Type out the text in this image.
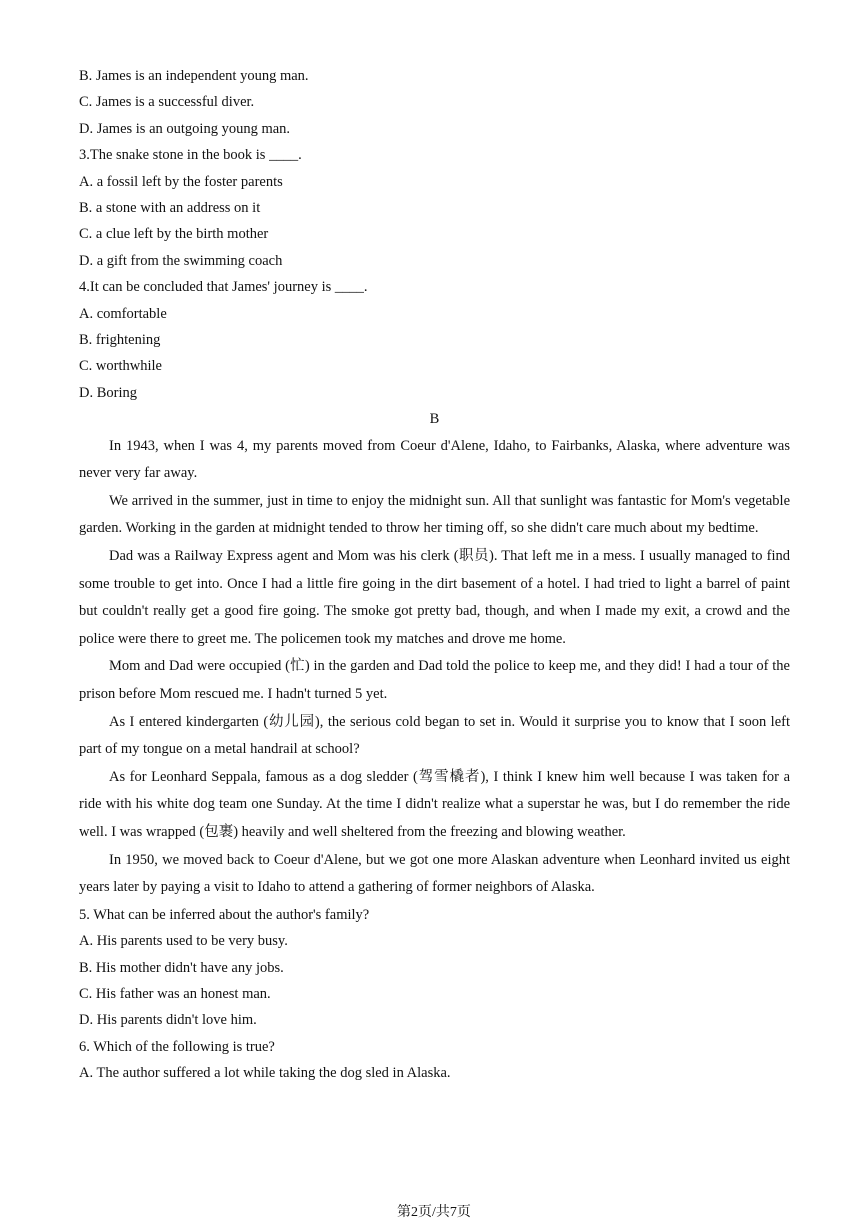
B. James is an independent young man.

C. James is a successful diver.

D. James is an outgoing young man.

3.The snake stone in the book is ____.

A. a fossil left by the foster parents

B. a stone with an address on it

C. a clue left by the birth mother

D. a gift from the swimming coach

4.It can be concluded that James' journey is ____.

A. comfortable

B. frightening

C. worthwhile

D. Boring

B

In 1943, when I was 4, my parents moved from Coeur d'Alene, Idaho, to Fairbanks, Alaska, where adventure was never very far away.

We arrived in the summer, just in time to enjoy the midnight sun. All that sunlight was fantastic for Mom's vegetable garden. Working in the garden at midnight tended to throw her timing off, so she didn't care much about my bedtime.

Dad was a Railway Express agent and Mom was his clerk (职员). That left me in a mess. I usually managed to find some trouble to get into. Once I had a little fire going in the dirt basement of a hotel. I had tried to light a barrel of paint but couldn't really get a good fire going. The smoke got pretty bad, though, and when I made my exit, a crowd and the police were there to greet me. The policemen took my matches and drove me home.

Mom and Dad were occupied (忙) in the garden and Dad told the police to keep me, and they did! I had a tour of the prison before Mom rescued me. I hadn't turned 5 yet.

As I entered kindergarten (幼儿园), the serious cold began to set in. Would it surprise you to know that I soon left part of my tongue on a metal handrail at school?

As for Leonhard Seppala, famous as a dog sledder (驾雪橇者), I think I knew him well because I was taken for a ride with his white dog team one Sunday. At the time I didn't realize what a superstar he was, but I do remember the ride well. I was wrapped (包裹) heavily and well sheltered from the freezing and blowing weather.

In 1950, we moved back to Coeur d'Alene, but we got one more Alaskan adventure when Leonhard invited us eight years later by paying a visit to Idaho to attend a gathering of former neighbors of Alaska.

5. What can be inferred about the author's family?

A. His parents used to be very busy.

B. His mother didn't have any jobs.

C. His father was an honest man.

D. His parents didn't love him.

6. Which of the following is true?

A. The author suffered a lot while taking the dog sled in Alaska.

第2页/共7页
